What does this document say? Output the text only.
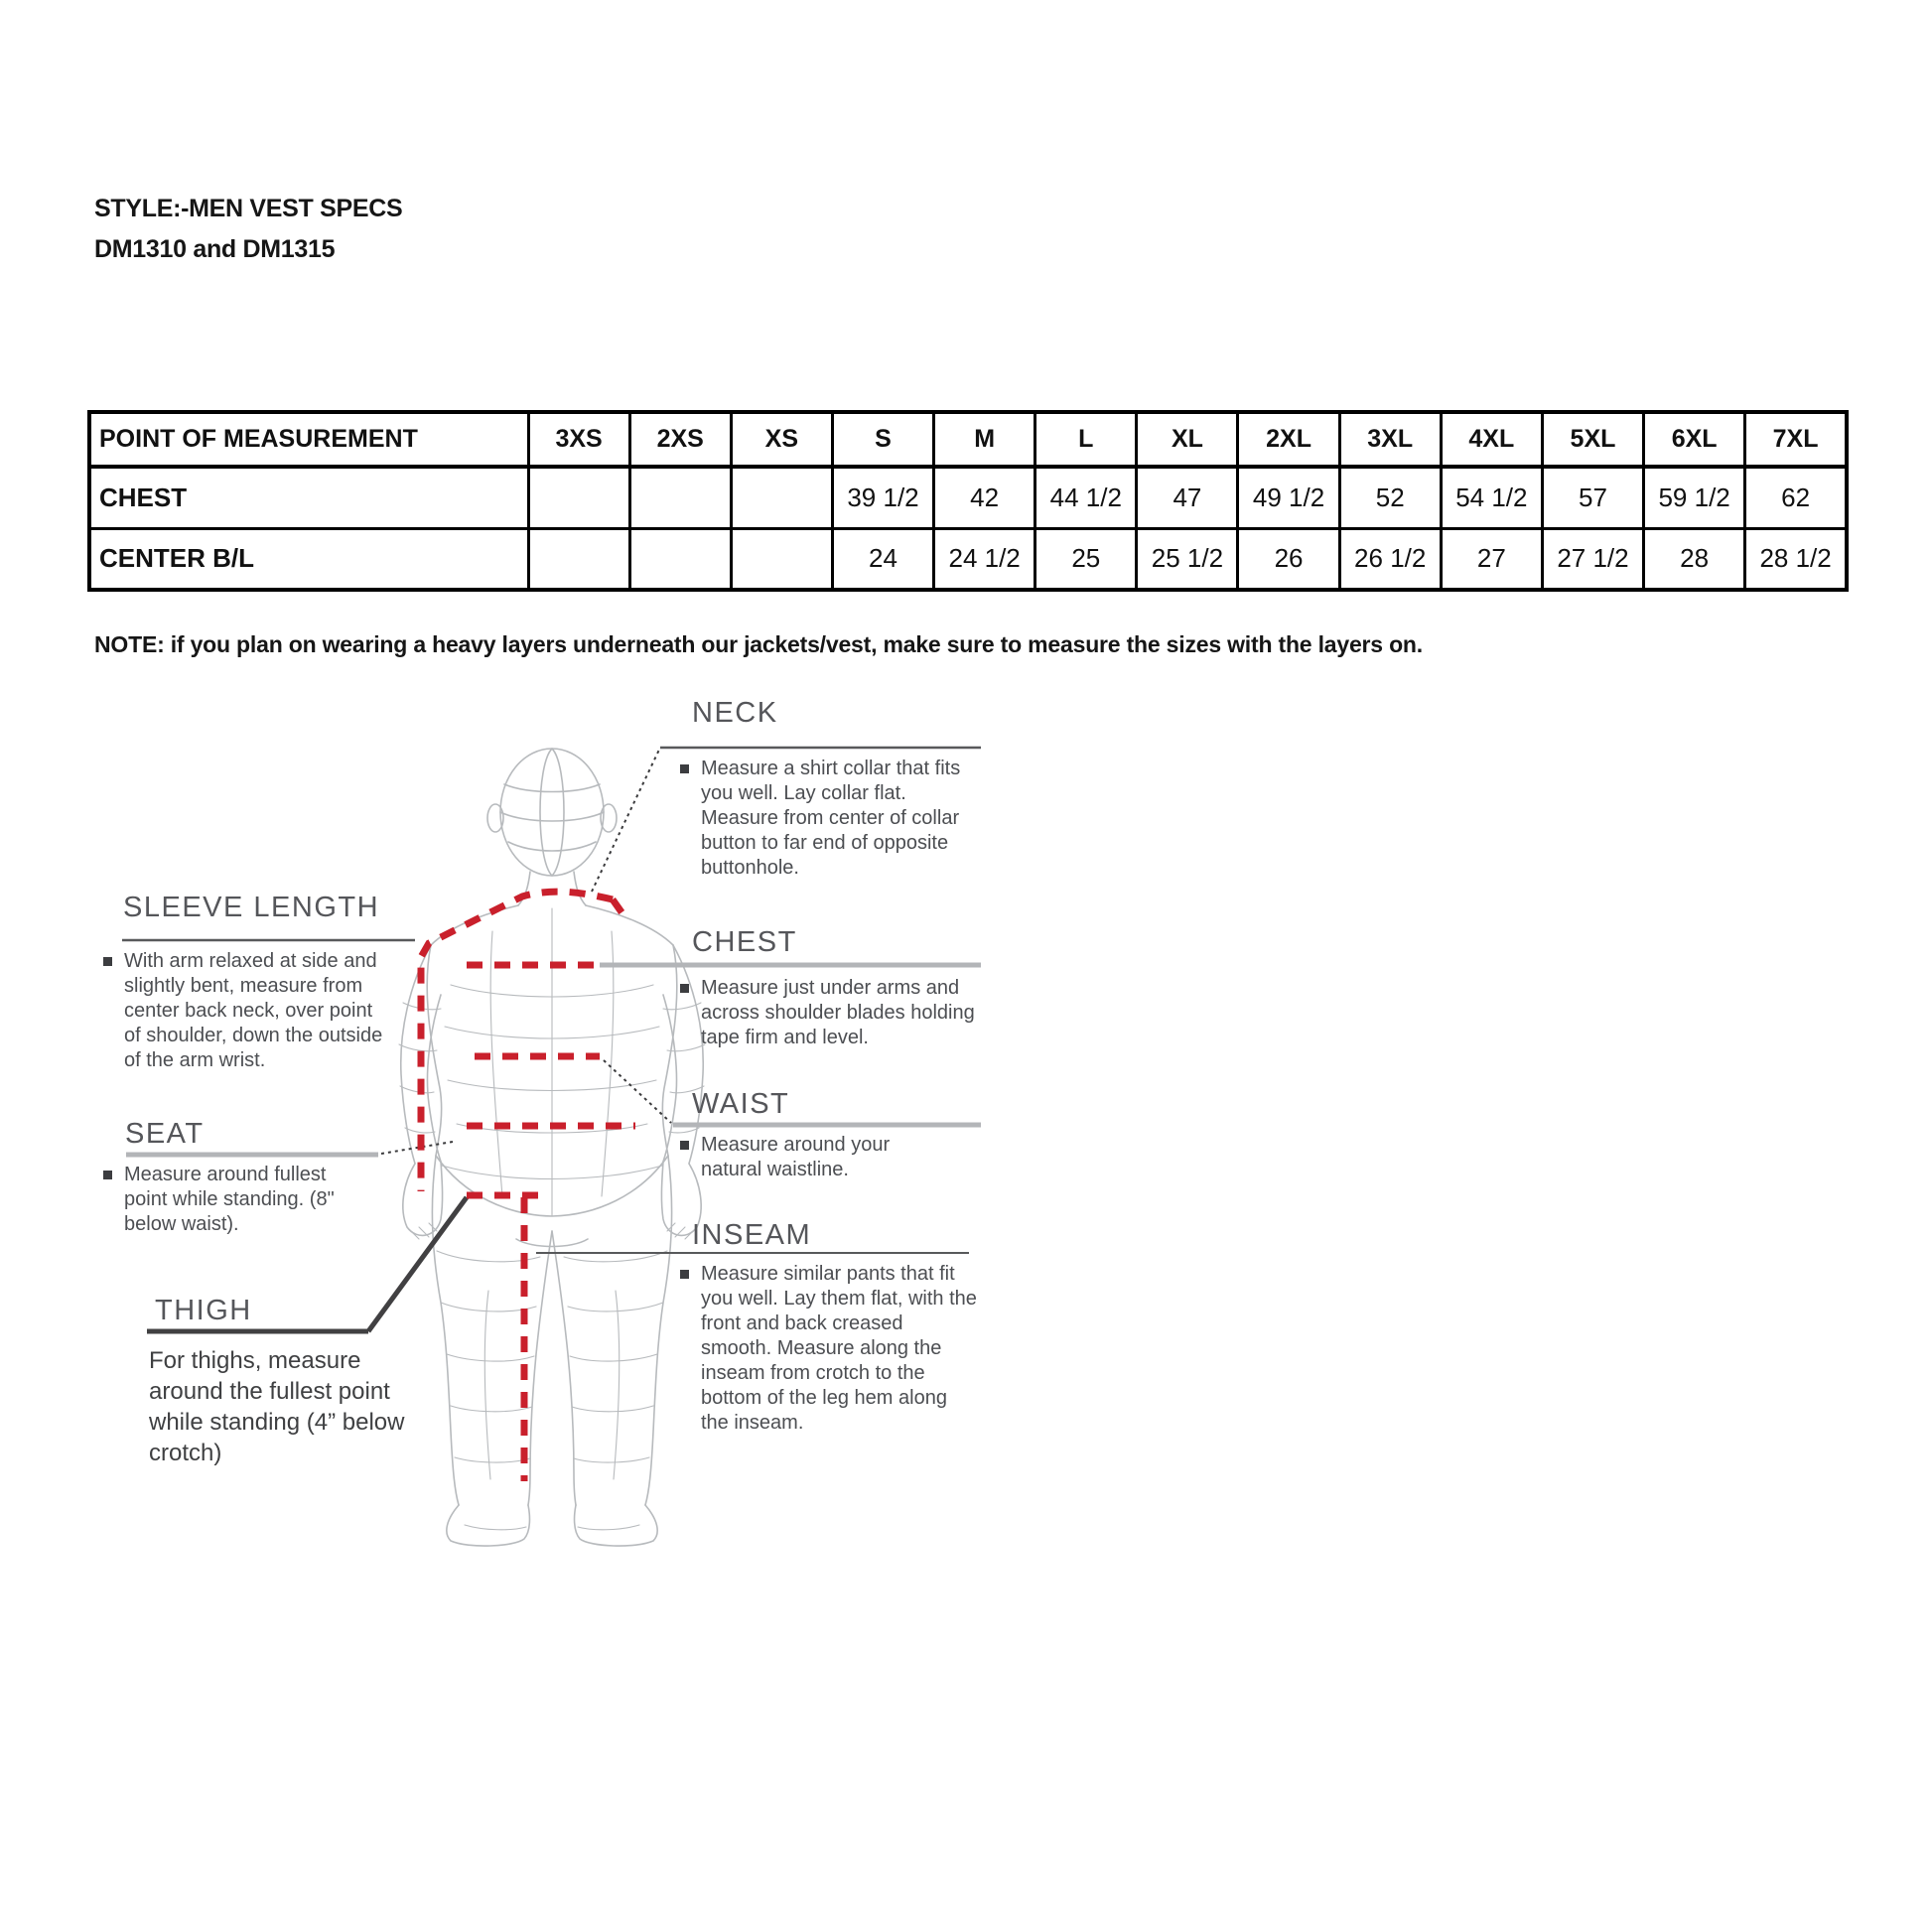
STYLE:-MEN VEST SPECS
DM1310 and DM1315
POINT OF MEASUREMENT	3XS	2XS	XS	S	M	L	XL	2XL	3XL	4XL	5XL	6XL	7XL
CHEST				39 1/2	42	44 1/2	47	49 1/2	52	54 1/2	57	59 1/2	62
CENTER B/L				24	24 1/2	25	25 1/2	26	26 1/2	27	27 1/2	28	28 1/2
NOTE: if you plan on wearing a heavy layers underneath our jackets/vest, make sure to measure the sizes with the layers on.
NECK
Measure a shirt collar that fits you well. Lay collar flat. Measure from center of collar button to far end of opposite buttonhole.
CHEST
Measure just under arms and across shoulder blades holding tape firm and level.
WAIST
Measure around your natural waistline.
INSEAM
Measure similar pants that fit you well. Lay them flat, with the front and back creased smooth. Measure along the inseam from crotch to the bottom of the leg hem along the inseam.
SLEEVE LENGTH
With arm relaxed at side and slightly bent, measure from center back neck, over point of shoulder, down the outside of the arm wrist.
SEAT
Measure around fullest point while standing. (8" below waist).
THIGH
For thighs, measure around the fullest point while standing (4” below crotch)
